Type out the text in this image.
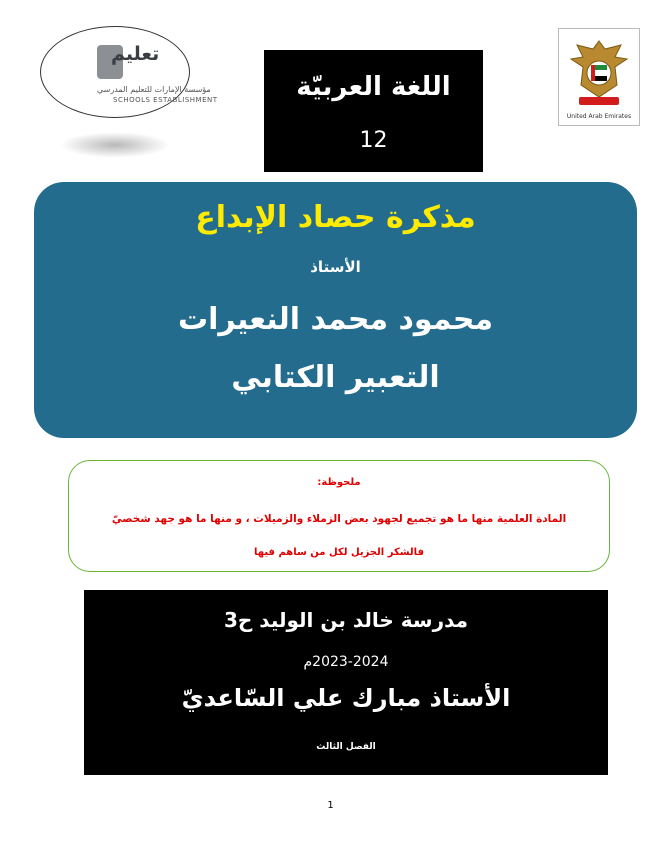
تعليم
مؤسسة الإمارات للتعليم المدرسي
SCHOOLS ESTABLISHMENT	اللغة العربيّة
12
United Arab Emirates
مذكرة حصاد الإبداع
الأستاذ
محمود محمد النعيرات
التعبير الكتابي
ملحوظة:
المادة العلمية منها ما هو تجميع لجهود بعض الزملاء والزميلات ، و منها ما هو جهد شخصيّ
فالشكر الجزيل لكل من ساهم فيها
مدرسة خالد بن الوليد ح3
2023-2024م
الأستاذ مبارك علي السّاعديّ
الفصل الثالث
1
